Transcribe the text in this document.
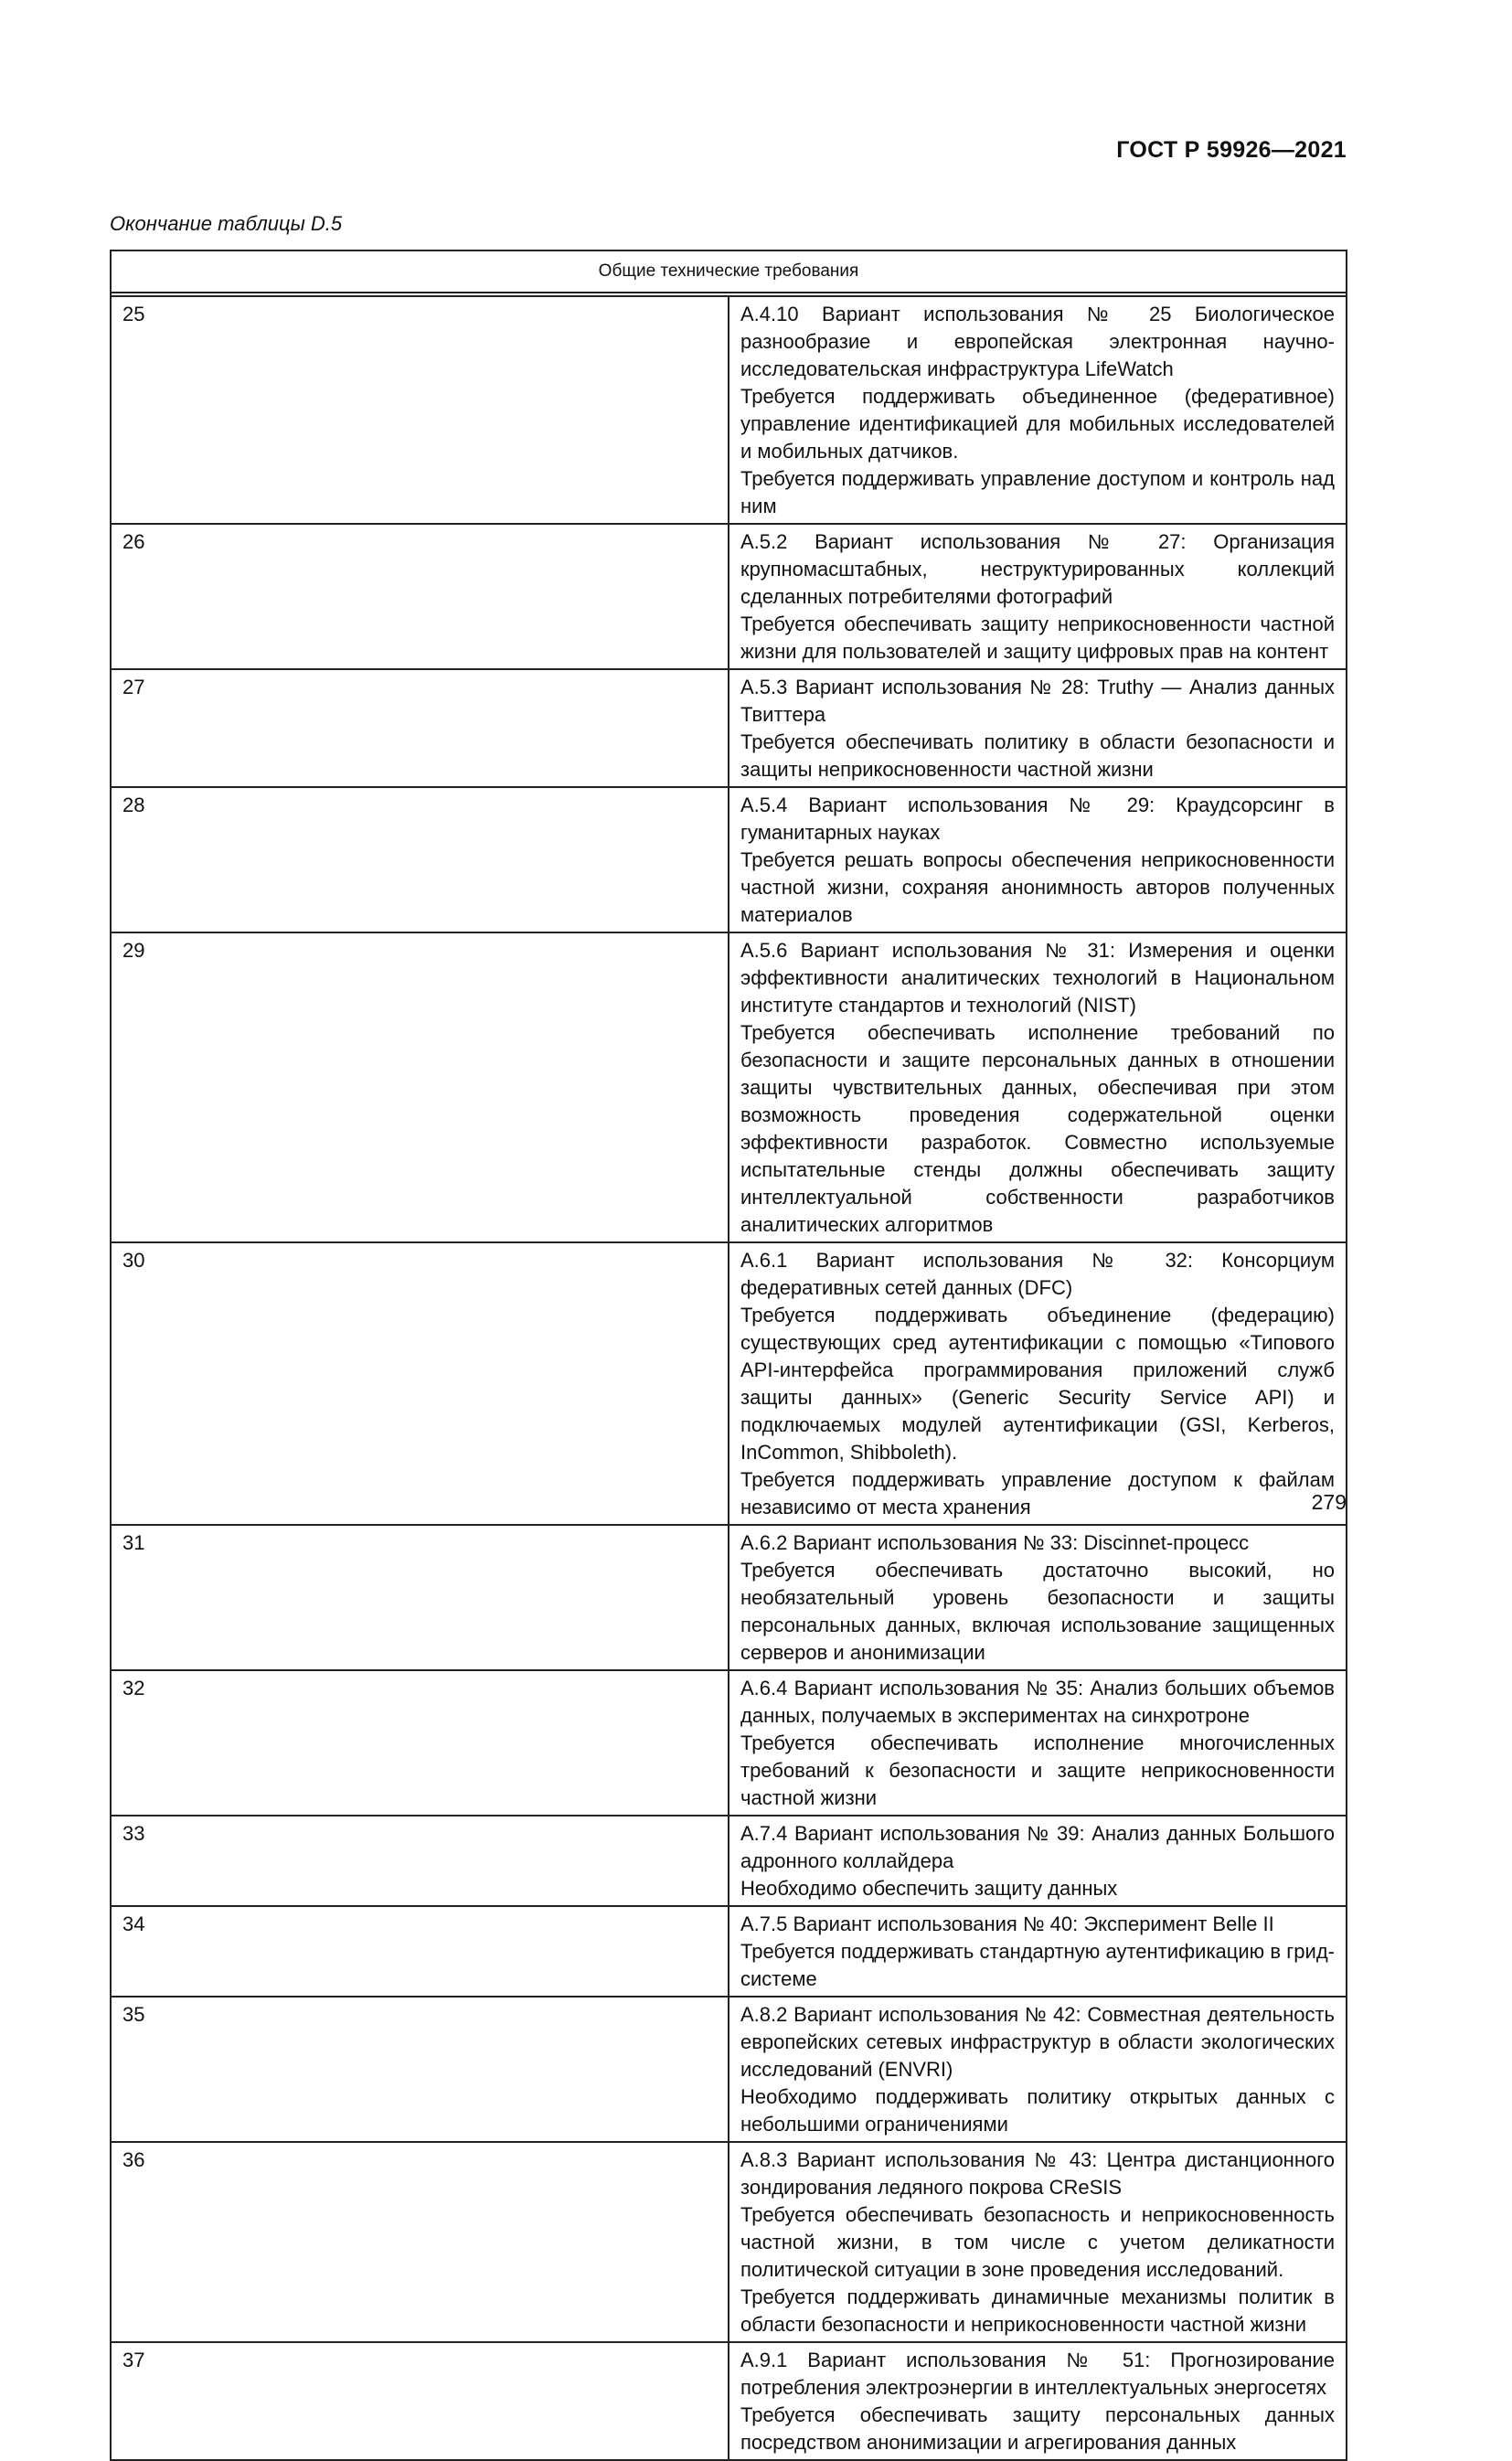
ГОСТ Р 59926—2021
Окончание таблицы D.5
Общие технические требования	

25	А.4.10 Вариант использования № 25 Биологическое разнообразие и европейская электронная научно-исследовательская инфраструктура LifeWatch
Требуется поддерживать объединенное (федеративное) управление идентификацией для мобильных исследователей и мобильных датчиков.
Требуется поддерживать управление доступом и контроль над ним

26	А.5.2 Вариант использования № 27: Организация крупномасштабных, неструктурированных коллекций сделанных потребителями фотографий
Требуется обеспечивать защиту неприкосновенности частной жизни для пользователей и защиту цифровых прав на контент

27	А.5.3 Вариант использования № 28: Truthy — Анализ данных Твиттера
Требуется обеспечивать политику в области безопасности и защиты неприкосновенности частной жизни

28	А.5.4 Вариант использования № 29: Краудсорсинг в гуманитарных науках
Требуется решать вопросы обеспечения неприкосновенности частной жизни, сохраняя анонимность авторов полученных материалов

29	А.5.6 Вариант использования № 31: Измерения и оценки эффективности аналитических технологий в Национальном институте стандартов и технологий (NIST)
Требуется обеспечивать исполнение требований по безопасности и защите персональных данных в отношении защиты чувствительных данных, обеспечивая при этом возможность проведения содержательной оценки эффективности разработок. Совместно используемые испытательные стенды должны обеспечивать защиту интеллектуальной собственности разработчиков аналитических алгоритмов

30	А.6.1 Вариант использования № 32: Консорциум федеративных сетей данных (DFC)
Требуется поддерживать объединение (федерацию) существующих сред аутентификации с помощью «Типового API-интерфейса программирования приложений служб защиты данных» (Generic Security Service API) и подключаемых модулей аутентификации (GSI, Kerberos, InCommon, Shibboleth).
Требуется поддерживать управление доступом к файлам независимо от места хранения

31	А.6.2 Вариант использования № 33: Discinnet-процесс
Требуется обеспечивать достаточно высокий, но необязательный уровень безопасности и защиты персональных данных, включая использование защищенных серверов и анонимизации

32	А.6.4 Вариант использования № 35: Анализ больших объемов данных, получаемых в экспериментах на синхротроне
Требуется обеспечивать исполнение многочисленных требований к безопасности и защите неприкосновенности частной жизни

33	А.7.4 Вариант использования № 39: Анализ данных Большого адронного коллайдера
Необходимо обеспечить защиту данных

34	А.7.5 Вариант использования № 40: Эксперимент Belle II
Требуется поддерживать стандартную аутентификацию в грид-системе

35	А.8.2 Вариант использования № 42: Совместная деятельность европейских сетевых инфраструктур в области экологических исследований (ENVRI)
Необходимо поддерживать политику открытых данных с небольшими ограничениями

36	А.8.3 Вариант использования № 43: Центра дистанционного зондирования ледяного покрова CReSIS
Требуется обеспечивать безопасность и неприкосновенность частной жизни, в том числе с учетом деликатности политической ситуации в зоне проведения исследований.
Требуется поддерживать динамичные механизмы политик в области безопасности и неприкосновенности частной жизни

37	А.9.1 Вариант использования № 51: Прогнозирование потребления электроэнергии в интеллектуальных энергосетях
Требуется обеспечивать защиту персональных данных посредством анонимизации и агрегирования данных
279
